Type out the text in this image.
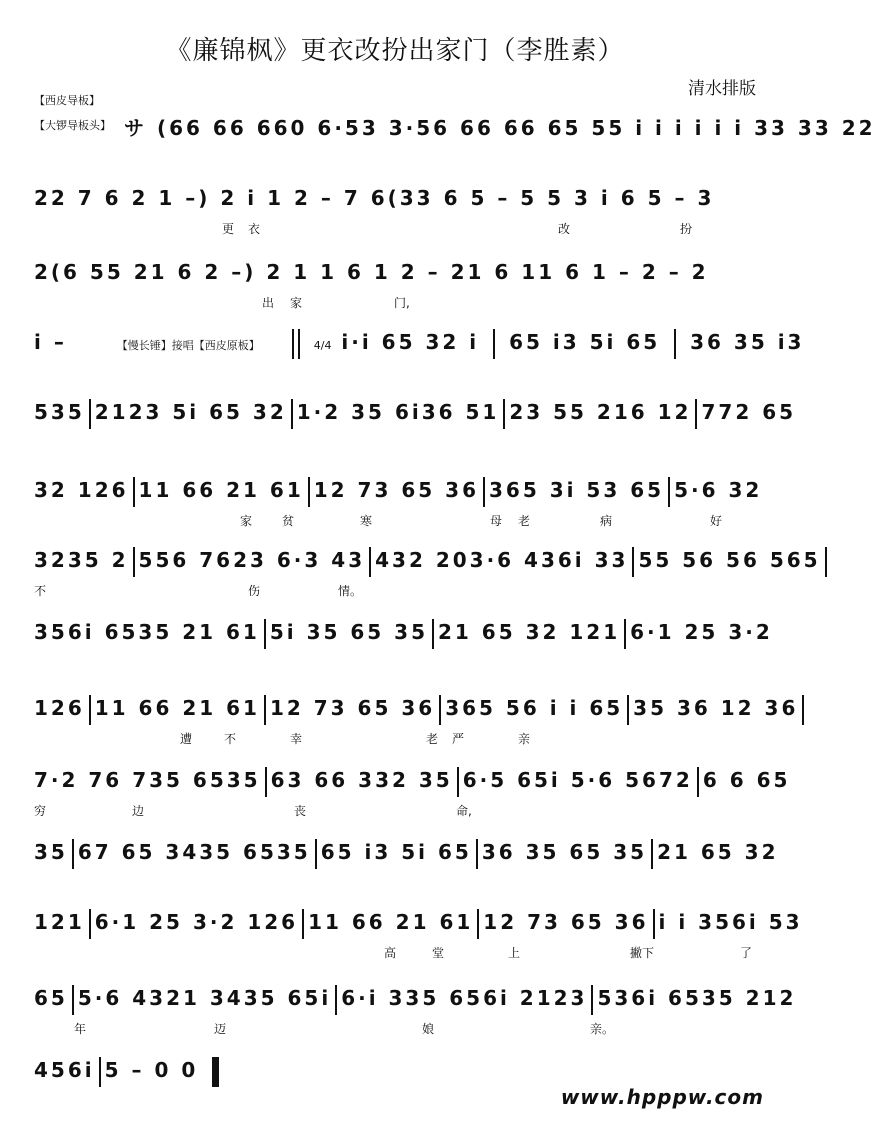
《廉锦枫》更衣改扮出家门（李胜素）
清水排版
【西皮导板】
【大锣导板头】 サ (66 66 660 6·53 3·56 66 66 65 55 i i i i i i 33 33 22
22 7 6 2 1 –) 2 i 1 2 – 7 6(33 6 5 – 5 5 3 i 6 5 – 3
更 衣	改	扮
2(6 55 21 6 2 –) 2 1 1 6 1 2 – 21 6 11 6 1 – 2 – 2
出 家	门,
i –	【慢长锤】接唱【西皮原板】	4/4 i·i 65 32 i 65 i3 5i 65 36 35 i3
535 2123 5i 65 32 1·2 35 6i36 51 23 55 216 12 772 65
32 126 11 66 21 61 12 73 65 36 365 3i 53 65 5·6 32
家 贫	寒	母 老	病	好
3235 2 556 7623 6·3 43 432 203·6 436i 33 55 56 56 565
不	伤	情。
356i 6535 21 61 5i 35 65 35 21 65 32 121 6·1 25 3·2
126 11 66 21 61 12 73 65 36 365 56 i i 65 35 36 12 36
遭	不	幸	老 严	亲
7·2 76 735 6535 63 66 332 35 6·5 65i 5·6 5672 6 6 65
穷	边	丧	命,
35 67 65 3435 6535 65 i3 5i 65 36 35 65 35 21 65 32
121 6·1 25 3·2 126 11 66 21 61 12 73 65 36 i i 356i 53
高	堂	上	撇下	了
65 5·6 4321 3435 65i 6·i 335 656i 2123 536i 6535 212
年	迈	娘	亲。
456i 5 – 0 0
www.hpppw.com
